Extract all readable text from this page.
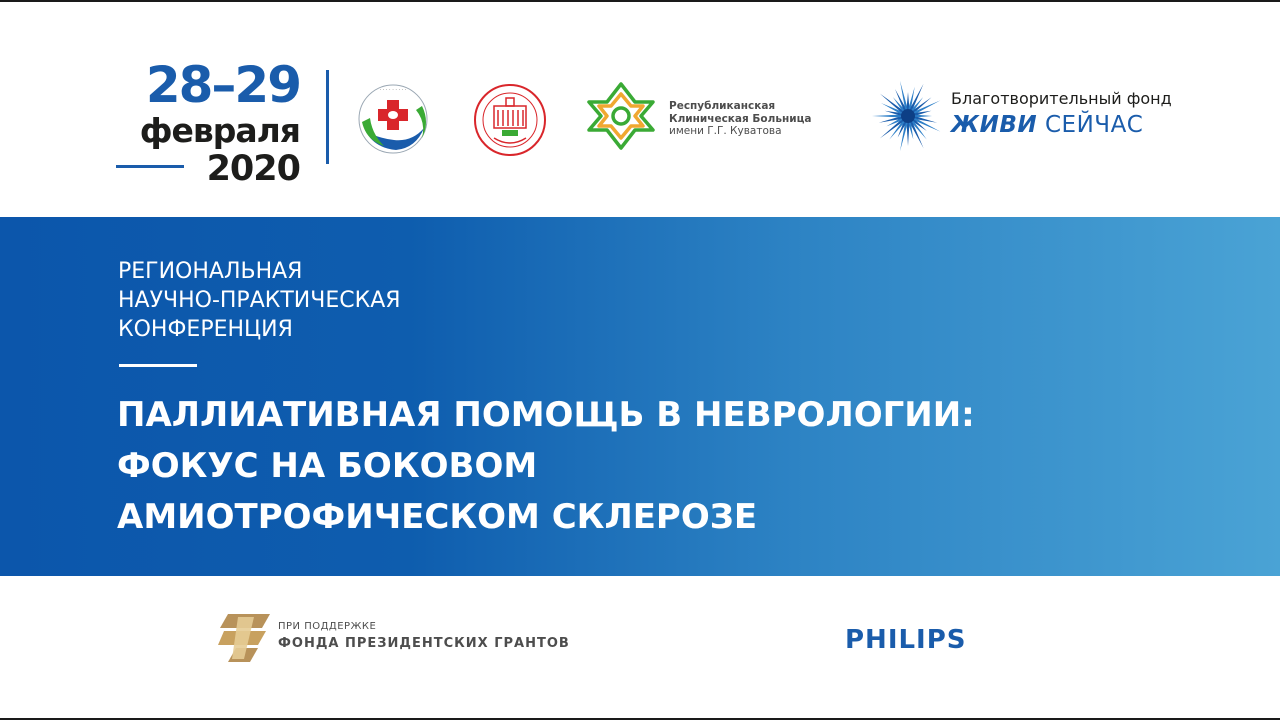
28–29
февраля
2020
· · · · · · · · ·
Республиканская
Клиническая Больница
имени Г.Г. Куватова
Благотворительный фонд
ЖИВИ СЕЙЧАС
РЕГИОНАЛЬНАЯ
НАУЧНО-ПРАКТИЧЕСКАЯ
КОНФЕРЕНЦИЯ
ПАЛЛИАТИВНАЯ ПОМОЩЬ В НЕВРОЛОГИИ:
ФОКУС НА БОКОВОМ
АМИОТРОФИЧЕСКОМ СКЛЕРОЗЕ
ПРИ ПОДДЕРЖКЕ
ФОНДА ПРЕЗИДЕНТСКИХ ГРАНТОВ	PHILIPS
